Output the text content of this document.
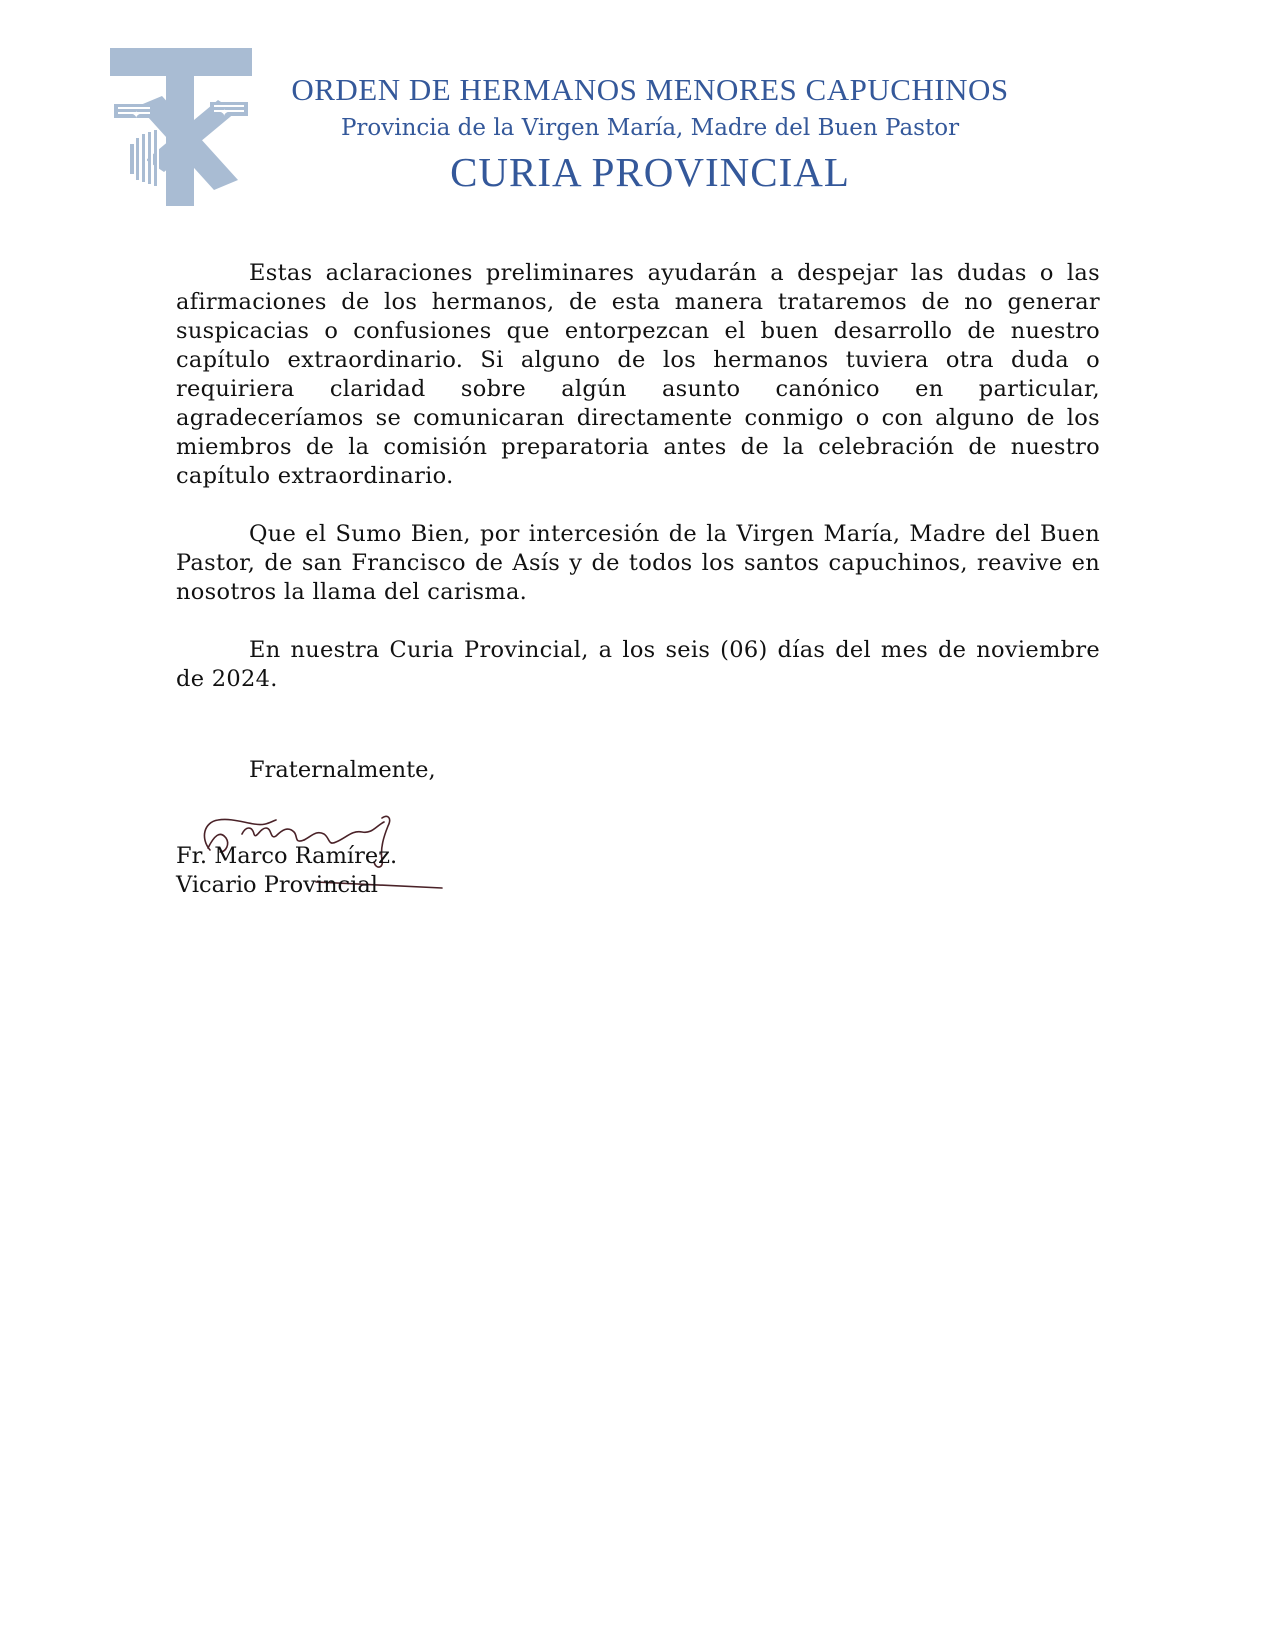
✦	✦
ORDEN DE HERMANOS MENORES CAPUCHINOS
Provincia de la Virgen María, Madre del Buen Pastor
CURIA PROVINCIAL

Estas aclaraciones preliminares ayudarán a despejar las dudas o las afirmaciones de los hermanos, de esta manera trataremos de no generar suspicacias o confusiones que entorpezcan el buen desarrollo de nuestro capítulo extraordinario. Si alguno de los hermanos tuviera otra duda o requiriera claridad sobre algún asunto canónico en particular, agradeceríamos se comunicaran directamente conmigo o con alguno de los miembros de la comisión preparatoria antes de la celebración de nuestro capítulo extraordinario.

Que el Sumo Bien, por intercesión de la Virgen María, Madre del Buen Pastor, de san Francisco de Asís y de todos los santos capuchinos, reavive en nosotros la llama del carisma.

En nuestra Curia Provincial, a los seis (06) días del mes de noviembre de 2024.

Fraternalmente,
Fr. Marco Ramírez.
Vicario Provincial
